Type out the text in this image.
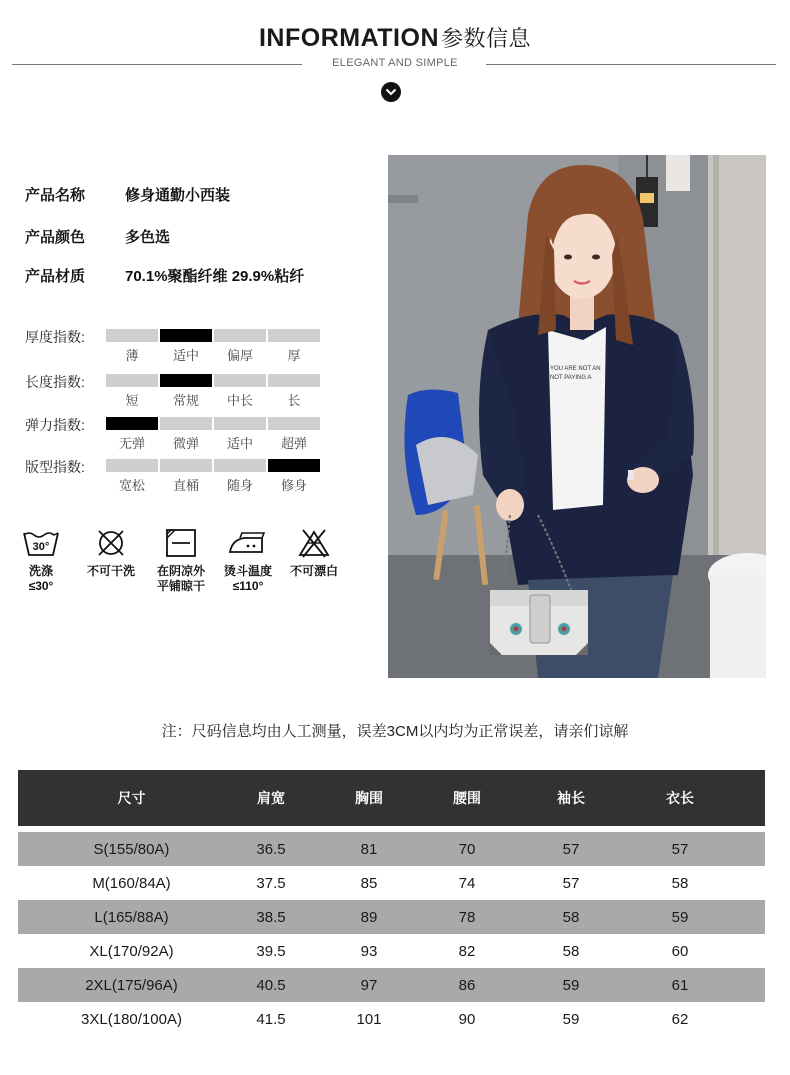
INFORMATION参数信息
ELEGANT AND SIMPLE
产品名称	修身通勤小西装
产品颜色	多色选
产品材质	70.1%聚酯纤维 29.9%粘纤
厚度指数:
薄	适中	偏厚	厚
长度指数:
短	常规	中长	长
弹力指数:
无弹	微弹	适中	超弹
版型指数:
宽松	直桶	随身	修身
30°
洗涤
≤30°
不可干洗	在阴凉外
平铺晾干
烫斗温度
≤110°
不可漂白
YOU ARE NOT AN
NOT PAYING A
注：尺码信息均由人工测量，误差3CM以内均为正常误差，请亲们谅解
尺寸	肩宽	胸围	腰围	袖长	衣长
S(155/80A)	36.5	81	70	57	57
M(160/84A)	37.5	85	74	57	58
L(165/88A)	38.5	89	78	58	59
XL(170/92A)	39.5	93	82	58	60
2XL(175/96A)	40.5	97	86	59	61
3XL(180/100A)	41.5	101	90	59	62
